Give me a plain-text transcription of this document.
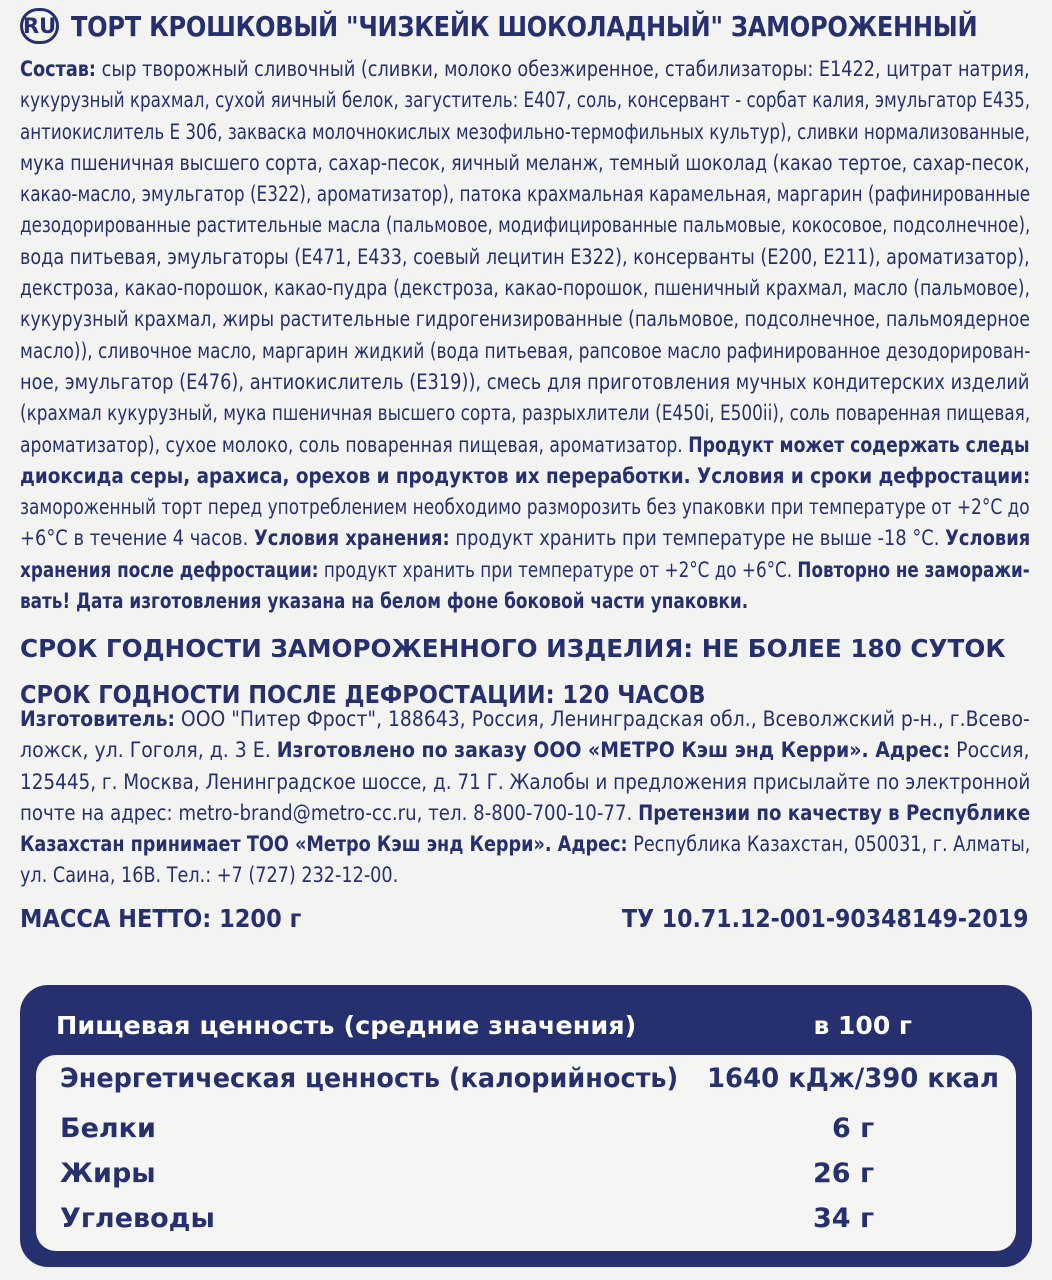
RU ТОРТ КРОШКОВЫЙ "ЧИЗКЕЙК ШОКОЛАДНЫЙ" ЗАМОРОЖЕННЫЙ
Состав: сыр творожный сливочный (сливки, молоко обезжиренное, стабилизаторы: Е1422, цитрат натрия,
кукурузный крахмал, сухой яичный белок, загуститель: Е407, соль, консервант - сорбат калия, эмульгатор Е435,
антиокислитель Е 306, закваска молочнокислых мезофильно-термофильных культур), сливки нормализованные,
мука пшеничная высшего сорта, сахар-песок, яичный меланж, темный шоколад (какао тертое, сахар-песок,
какао-масло, эмульгатор (Е322), ароматизатор), патока крахмальная карамельная, маргарин (рафинированные
дезодорированные растительные масла (пальмовое, модифицированные пальмовые, кокосовое, подсолнечное),
вода питьевая, эмульгаторы (Е471, Е433, соевый лецитин Е322), консерванты (Е200, Е211), ароматизатор),
декстроза, какао-порошок, какао-пудра (декстроза, какао-порошок, пшеничный крахмал, масло (пальмовое),
кукурузный крахмал, жиры растительные гидрогенизированные (пальмовое, подсолнечное, пальмоядерное
масло)), сливочное масло, маргарин жидкий (вода питьевая, рапсовое масло рафинированное дезодорирован-
ное, эмульгатор (Е476), антиокислитель (Е319)), смесь для приготовления мучных кондитерских изделий
(крахмал кукурузный, мука пшеничная высшего сорта, разрыхлители (Е450i, Е500ii), соль поваренная пищевая,
ароматизатор), сухое молоко, соль поваренная пищевая, ароматизатор. Продукт может содержать следы
диоксида серы, арахиса, орехов и продуктов их переработки. Условия и сроки дефростации:
замороженный торт перед употреблением необходимо разморозить без упаковки при температуре от +2°С до
+6°С в течение 4 часов. Условия хранения: продукт хранить при температуре не выше -18 °С. Условия
хранения после дефростации: продукт хранить при температуре от +2°С до +6°С. Повторно не заморажи-
вать! Дата изготовления указана на белом фоне боковой части упаковки.
СРОК ГОДНОСТИ ЗАМОРОЖЕННОГО ИЗДЕЛИЯ: НЕ БОЛЕЕ 180 СУТОК
СРОК ГОДНОСТИ ПОСЛЕ ДЕФРОСТАЦИИ: 120 ЧАСОВ
Изготовитель: ООО "Питер Фрост", 188643, Россия, Ленинградская обл., Всеволжский р-н., г.Всево-
ложск, ул. Гоголя, д. 3 Е. Изготовлено по заказу ООО «МЕТРО Кэш энд Керри». Адрес: Россия,
125445, г. Москва, Ленинградское шоссе, д. 71 Г. Жалобы и предложения присылайте по электронной
почте на адрес: metro-brand@metro-cc.ru, тел. 8-800-700-10-77. Претензии по качеству в Республике
Казахстан принимает ТОО «Метро Кэш энд Керри». Адрес: Республика Казахстан, 050031, г. Алматы,
ул. Саина, 16В. Тел.: +7 (727) 232-12-00.
МАССА НЕТТО: 1200 г	ТУ 10.71.12-001-90348149-2019
Пищевая ценность (средние значения)	в 100 г
Энергетическая ценность (калорийность) 1640 кДж/390 ккал
Белки	6 г
Жиры	26 г
Углеводы	34 г
